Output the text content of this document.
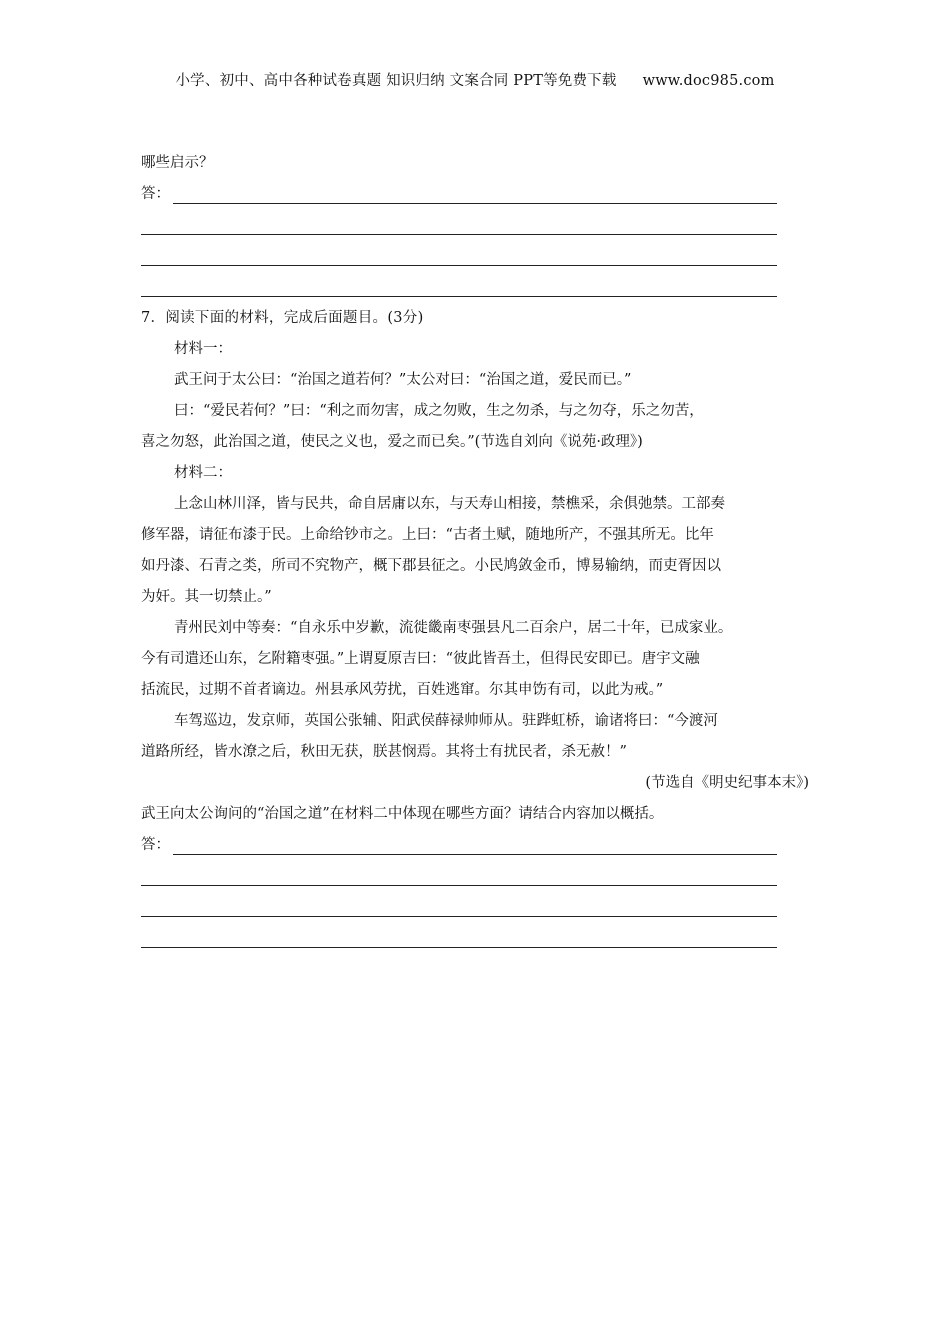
小学、初中、高中各种试卷真题 知识归纳 文案合同 PPT等免费下载 www.doc985.com
哪些启示？
答：
7．阅读下面的材料，完成后面题目。(3分)
材料一：
武王问于太公曰：“治国之道若何？”太公对曰：“治国之道，爱民而已。”
曰：“爱民若何？”曰：“利之而勿害，成之勿败，生之勿杀，与之勿夺，乐之勿苦，
喜之勿怒，此治国之道，使民之义也，爱之而已矣。”(节选自刘向《说苑·政理》)
材料二：
上念山林川泽，皆与民共，命自居庸以东，与天寿山相接，禁樵采，余俱弛禁。工部奏
修军器，请征布漆于民。上命给钞市之。上曰：“古者土赋，随地所产，不强其所无。比年
如丹漆、石青之类，所司不究物产，概下郡县征之。小民鸠敛金币，博易输纳，而吏胥因以
为奸。其一切禁止。”
青州民刘中等奏：“自永乐中岁歉，流徙畿南枣强县凡二百余户，居二十年，已成家业。
今有司遣还山东，乞附籍枣强。”上谓夏原吉曰：“彼此皆吾土，但得民安即已。唐宇文融
括流民，过期不首者谪边。州县承风劳扰，百姓逃窜。尔其申饬有司，以此为戒。”
车驾巡边，发京师，英国公张辅、阳武侯薛禄帅师从。驻跸虹桥，谕诸将曰：“今渡河
道路所经，皆水潦之后，秋田无获，朕甚悯焉。其将士有扰民者，杀无赦！”
(节选自《明史纪事本末》)
武王向太公询问的“治国之道”在材料二中体现在哪些方面？请结合内容加以概括。
答：
